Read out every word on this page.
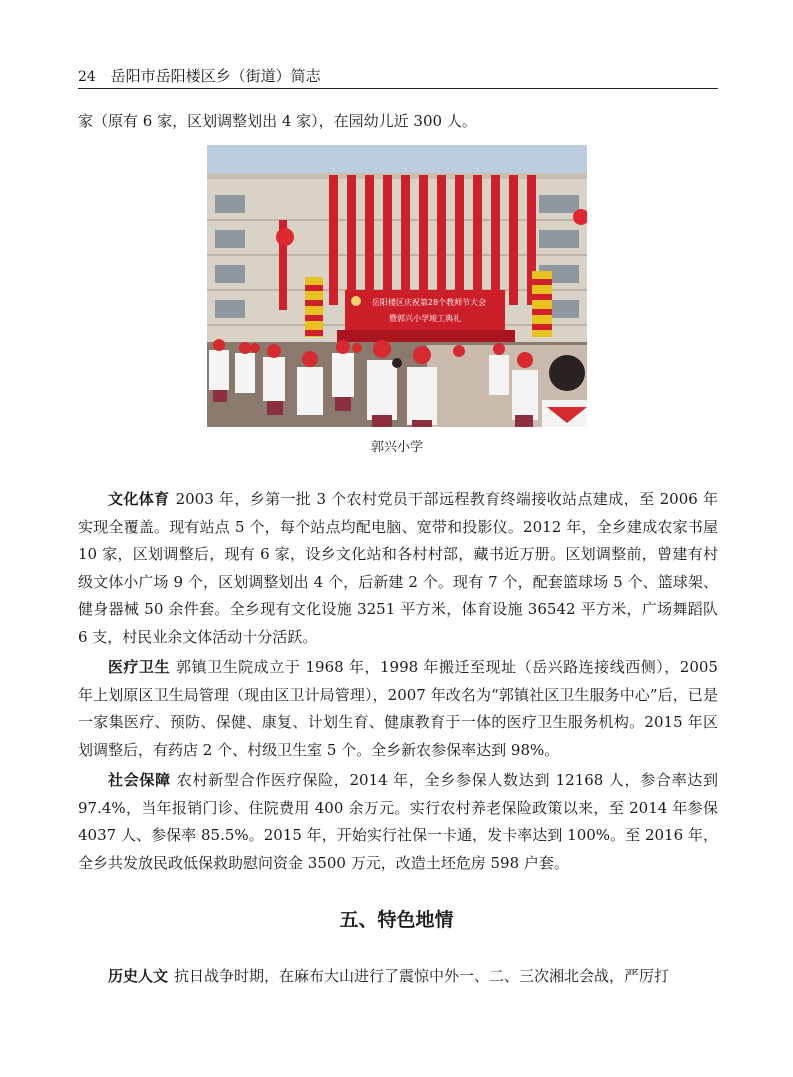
24 岳阳市岳阳楼区乡（街道）简志

家（原有 6 家，区划调整划出 4 家），在园幼儿近 300 人。

岳阳楼区庆祝第28个教师节大会
暨郭兴小学竣工典礼
郭兴小学

文化体育 2003 年，乡第一批 3 个农村党员干部远程教育终端接收站点建成，至 2006 年实现全覆盖。现有站点 5 个，每个站点均配电脑、宽带和投影仪。2012 年，全乡建成农家书屋 10 家，区划调整后，现有 6 家，设乡文化站和各村村部，藏书近万册。区划调整前，曾建有村级文体小广场 9 个，区划调整划出 4 个，后新建 2 个。现有 7 个，配套篮球场 5 个、篮球架、健身器械 50 余件套。全乡现有文化设施 3251 平方米，体育设施 36542 平方米，广场舞蹈队 6 支，村民业余文体活动十分活跃。

医疗卫生 郭镇卫生院成立于 1968 年，1998 年搬迁至现址（岳兴路连接线西侧），2005 年上划原区卫生局管理（现由区卫计局管理），2007 年改名为“郭镇社区卫生服务中心”后，已是一家集医疗、预防、保健、康复、计划生育、健康教育于一体的医疗卫生服务机构。2015 年区划调整后，有药店 2 个、村级卫生室 5 个。全乡新农参保率达到 98%。

社会保障 农村新型合作医疗保险，2014 年，全乡参保人数达到 12168 人，参合率达到 97.4%，当年报销门诊、住院费用 400 余万元。实行农村养老保险政策以来，至 2014 年参保 4037 人、参保率 85.5%。2015 年，开始实行社保一卡通，发卡率达到 100%。至 2016 年，全乡共发放民政低保救助慰问资金 3500 万元，改造土坯危房 598 户套。

五、特色地情

历史人文 抗日战争时期，在麻布大山进行了震惊中外一、二、三次湘北会战，严厉打
